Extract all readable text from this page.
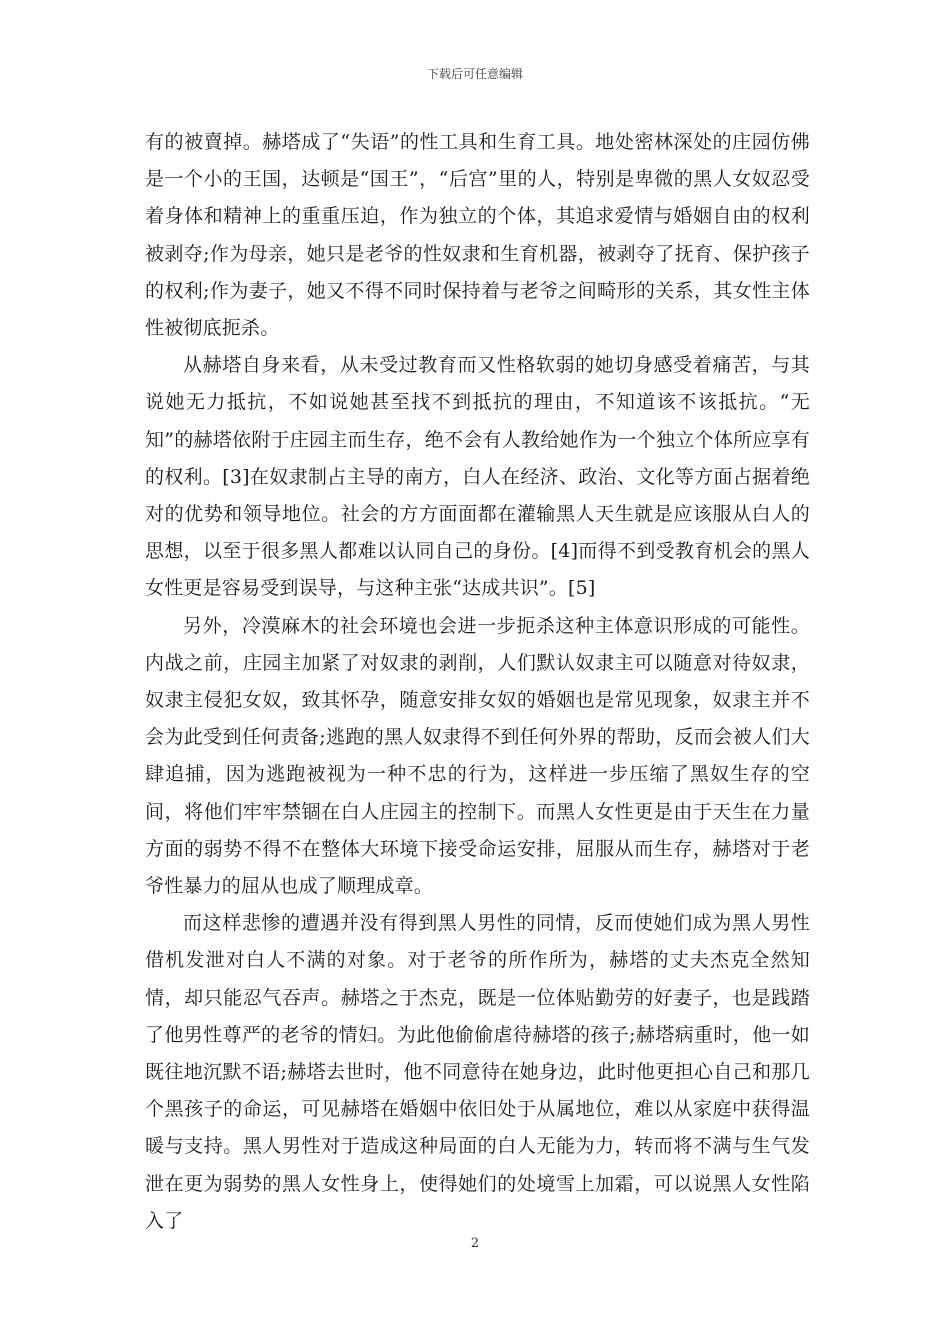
下载后可任意编辑

有的被賣掉。赫塔成了“失语”的性工具和生育工具。地处密林深处的庄园仿佛是一个小的王国，达顿是“国王”，“后宫”里的人，特别是卑微的黑人女奴忍受着身体和精神上的重重压迫，作为独立的个体，其追求爱情与婚姻自由的权利被剥夺;作为母亲，她只是老爷的性奴隶和生育机器，被剥夺了抚育、保护孩子的权利;作为妻子，她又不得不同时保持着与老爷之间畸形的关系，其女性主体性被彻底扼杀。

从赫塔自身来看，从未受过教育而又性格软弱的她切身感受着痛苦，与其说她无力抵抗，不如说她甚至找不到抵抗的理由，不知道该不该抵抗。“无知”的赫塔依附于庄园主而生存，绝不会有人教给她作为一个独立个体所应享有的权利。[3]在奴隶制占主导的南方，白人在经济、政治、文化等方面占据着绝对的优势和领导地位。社会的方方面面都在灌输黑人天生就是应该服从白人的思想，以至于很多黑人都难以认同自己的身份。[4]而得不到受教育机会的黑人女性更是容易受到误导，与这种主张“达成共识”。[5]

另外，冷漠麻木的社会环境也会进一步扼杀这种主体意识形成的可能性。内战之前，庄园主加紧了对奴隶的剥削，人们默认奴隶主可以随意对待奴隶，奴隶主侵犯女奴，致其怀孕，随意安排女奴的婚姻也是常见现象，奴隶主并不会为此受到任何责备;逃跑的黑人奴隶得不到任何外界的帮助，反而会被人们大肆追捕，因为逃跑被视为一种不忠的行为，这样进一步压缩了黑奴生存的空间，将他们牢牢禁锢在白人庄园主的控制下。而黑人女性更是由于天生在力量方面的弱势不得不在整体大环境下接受命运安排，屈服从而生存，赫塔对于老爷性暴力的屈从也成了顺理成章。

而这样悲惨的遭遇并没有得到黑人男性的同情，反而使她们成为黑人男性借机发泄对白人不满的对象。对于老爷的所作所为，赫塔的丈夫杰克全然知情，却只能忍气吞声。赫塔之于杰克，既是一位体贴勤劳的好妻子，也是践踏了他男性尊严的老爷的情妇。为此他偷偷虐待赫塔的孩子;赫塔病重时，他一如既往地沉默不语;赫塔去世时，他不同意待在她身边，此时他更担心自己和那几个黑孩子的命运，可见赫塔在婚姻中依旧处于从属地位，难以从家庭中获得温暖与支持。黑人男性对于造成这种局面的白人无能为力，转而将不满与生气发泄在更为弱势的黑人女性身上，使得她们的处境雪上加霜，可以说黑人女性陷入了

2
